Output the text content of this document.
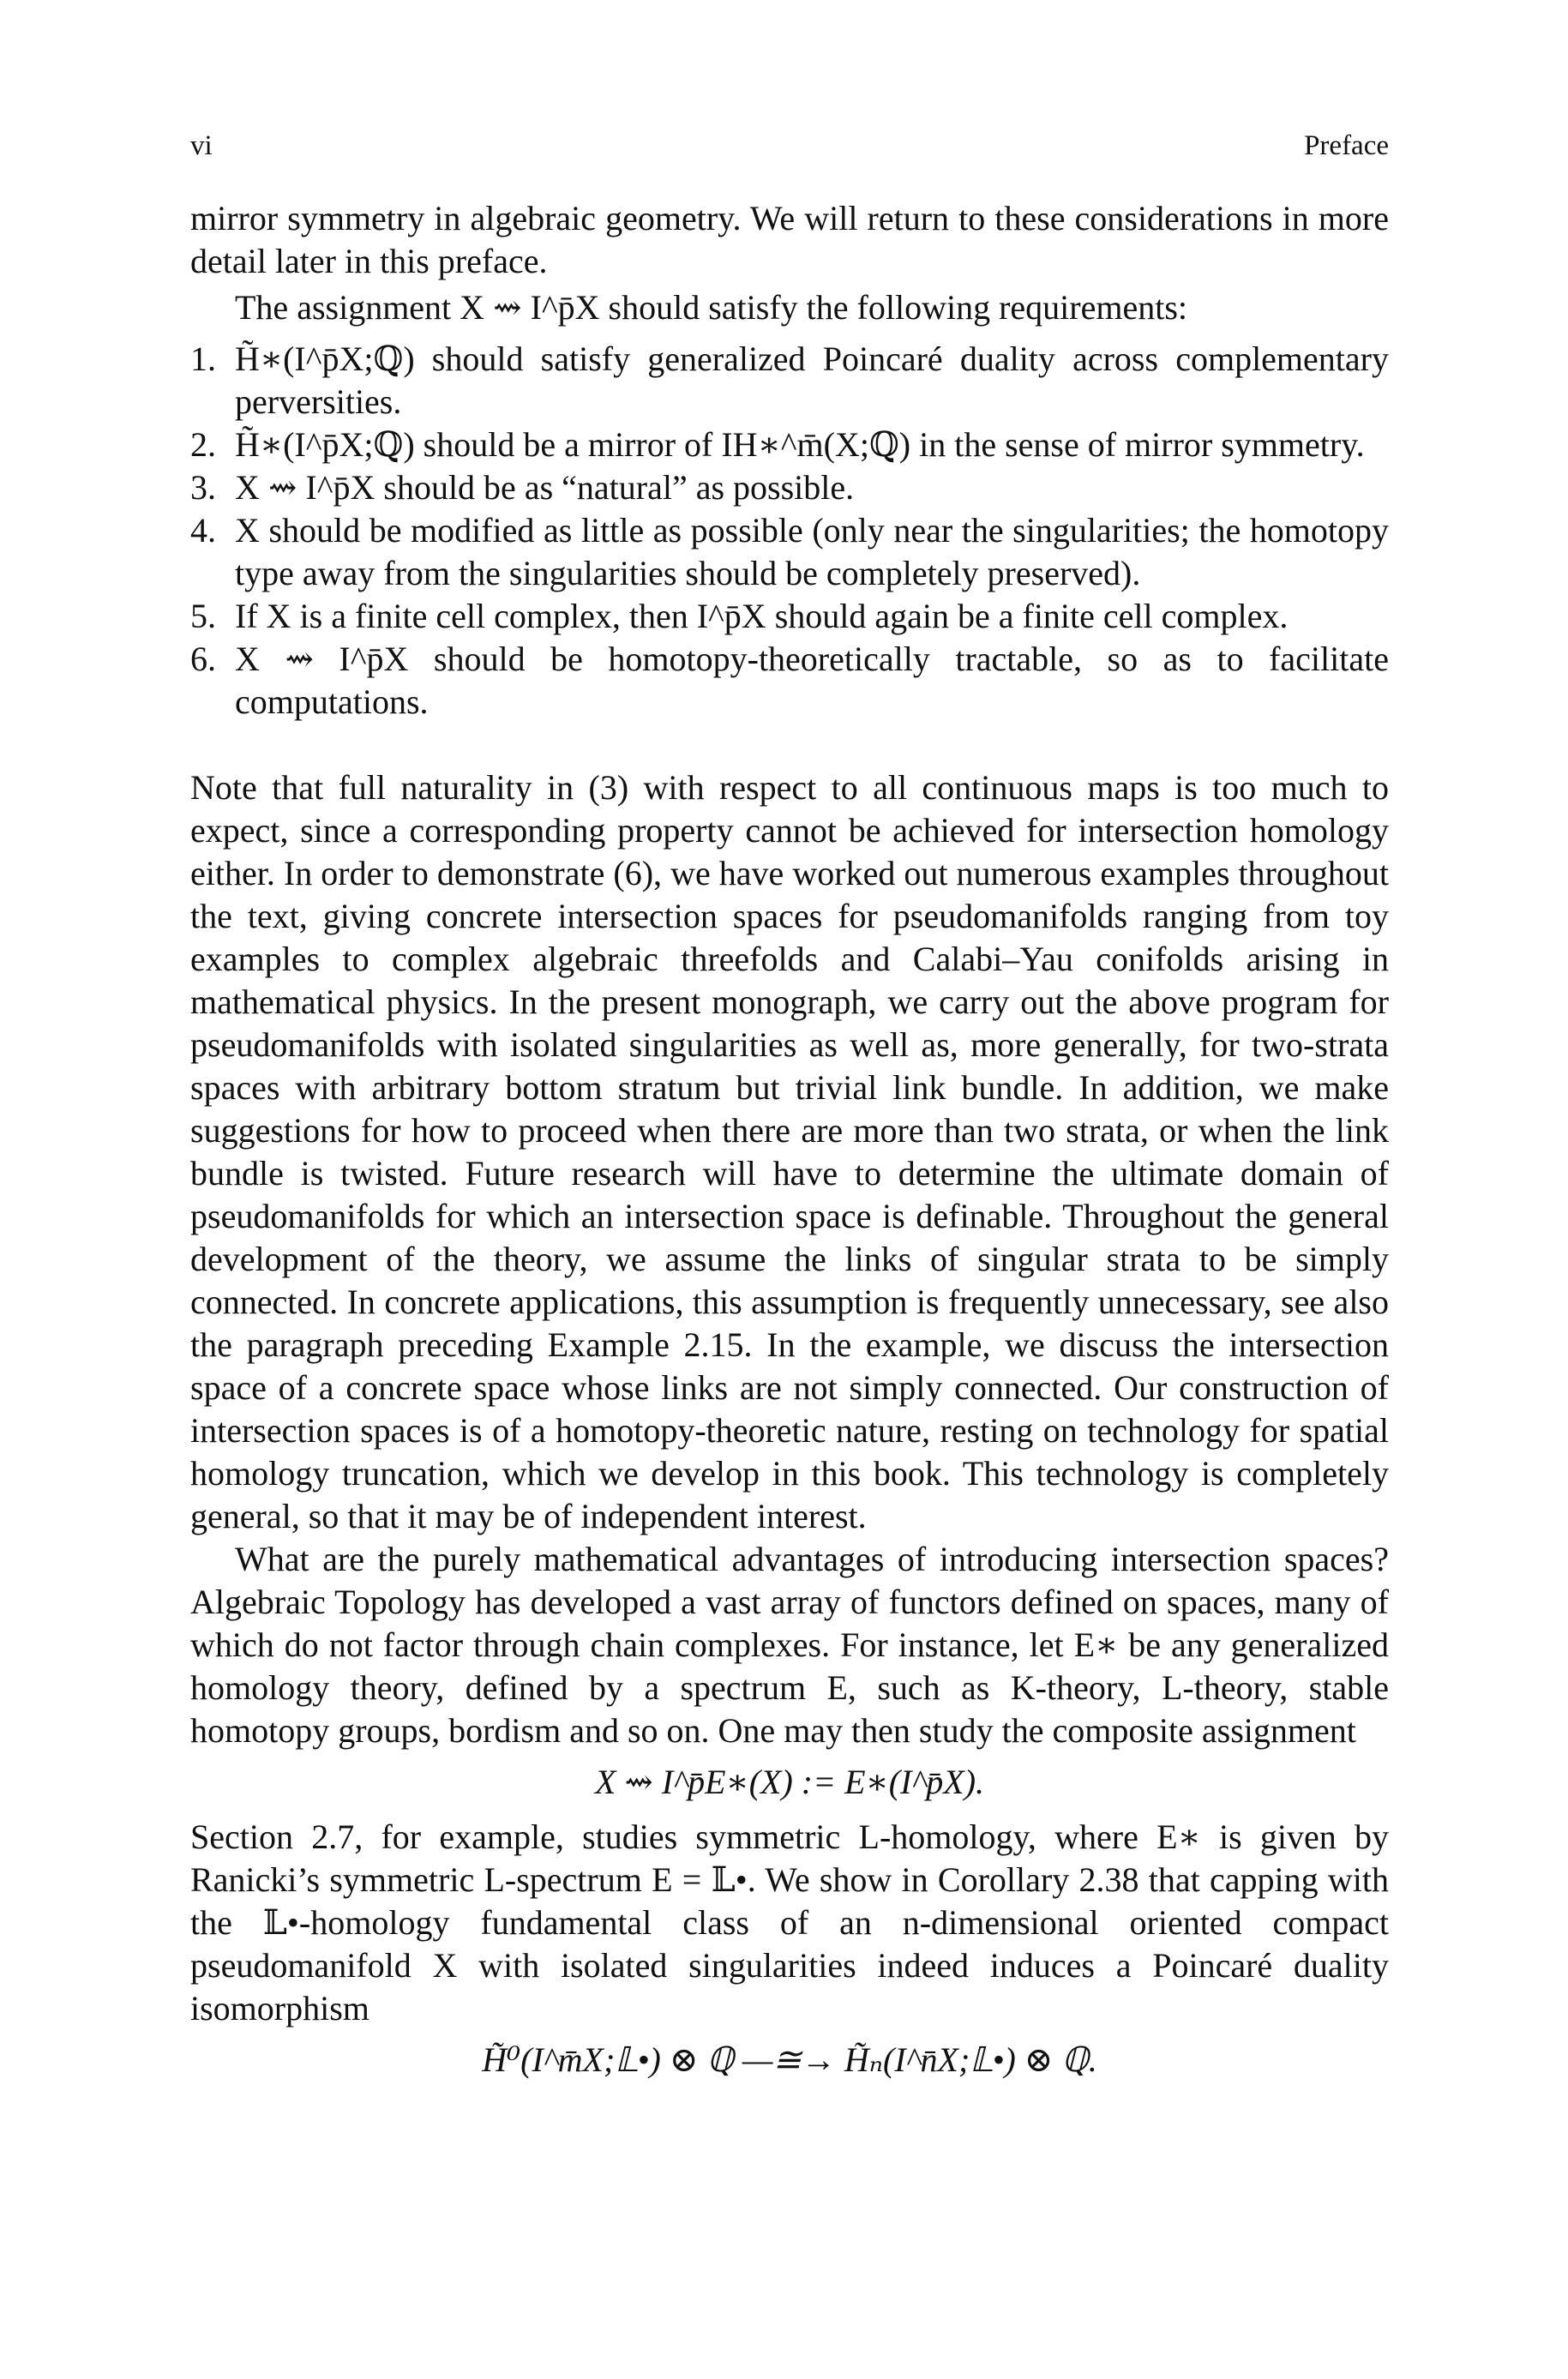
vi	Preface

mirror symmetry in algebraic geometry. We will return to these considerations in more detail later in this preface.

The assignment X ⇝ I^p̄X should satisfy the following requirements:

1. H̃∗(I^p̄X;ℚ) should satisfy generalized Poincaré duality across complementary perversities.
2. H̃∗(I^p̄X;ℚ) should be a mirror of IH∗^m̄(X;ℚ) in the sense of mirror symmetry.
3. X ⇝ I^p̄X should be as “natural” as possible.
4. X should be modified as little as possible (only near the singularities; the homotopy type away from the singularities should be completely preserved).
5. If X is a finite cell complex, then I^p̄X should again be a finite cell complex.
6. X ⇝ I^p̄X should be homotopy-theoretically tractable, so as to facilitate computations.

Note that full naturality in (3) with respect to all continuous maps is too much to expect, since a corresponding property cannot be achieved for intersection homology either. In order to demonstrate (6), we have worked out numerous examples throughout the text, giving concrete intersection spaces for pseudomanifolds ranging from toy examples to complex algebraic threefolds and Calabi–Yau conifolds arising in mathematical physics. In the present monograph, we carry out the above program for pseudomanifolds with isolated singularities as well as, more generally, for two-strata spaces with arbitrary bottom stratum but trivial link bundle. In addition, we make suggestions for how to proceed when there are more than two strata, or when the link bundle is twisted. Future research will have to determine the ultimate domain of pseudomanifolds for which an intersection space is definable. Throughout the general development of the theory, we assume the links of singular strata to be simply connected. In concrete applications, this assumption is frequently unnecessary, see also the paragraph preceding Example 2.15. In the example, we discuss the intersection space of a concrete space whose links are not simply connected. Our construction of intersection spaces is of a homotopy-theoretic nature, resting on technology for spatial homology truncation, which we develop in this book. This technology is completely general, so that it may be of independent interest.

What are the purely mathematical advantages of introducing intersection spaces? Algebraic Topology has developed a vast array of functors defined on spaces, many of which do not factor through chain complexes. For instance, let E∗ be any generalized homology theory, defined by a spectrum E, such as K-theory, L-theory, stable homotopy groups, bordism and so on. One may then study the composite assignment

X ⇝ I^p̄E∗(X) := E∗(I^p̄X).

Section 2.7, for example, studies symmetric L-homology, where E∗ is given by Ranicki’s symmetric L-spectrum E = 𝕃•. We show in Corollary 2.38 that capping with the 𝕃•-homology fundamental class of an n-dimensional oriented compact pseudomanifold X with isolated singularities indeed induces a Poincaré duality isomorphism

H̃⁰(I^m̄X;𝕃•) ⊗ ℚ —≅→ H̃ₙ(I^n̄X;𝕃•) ⊗ ℚ.
